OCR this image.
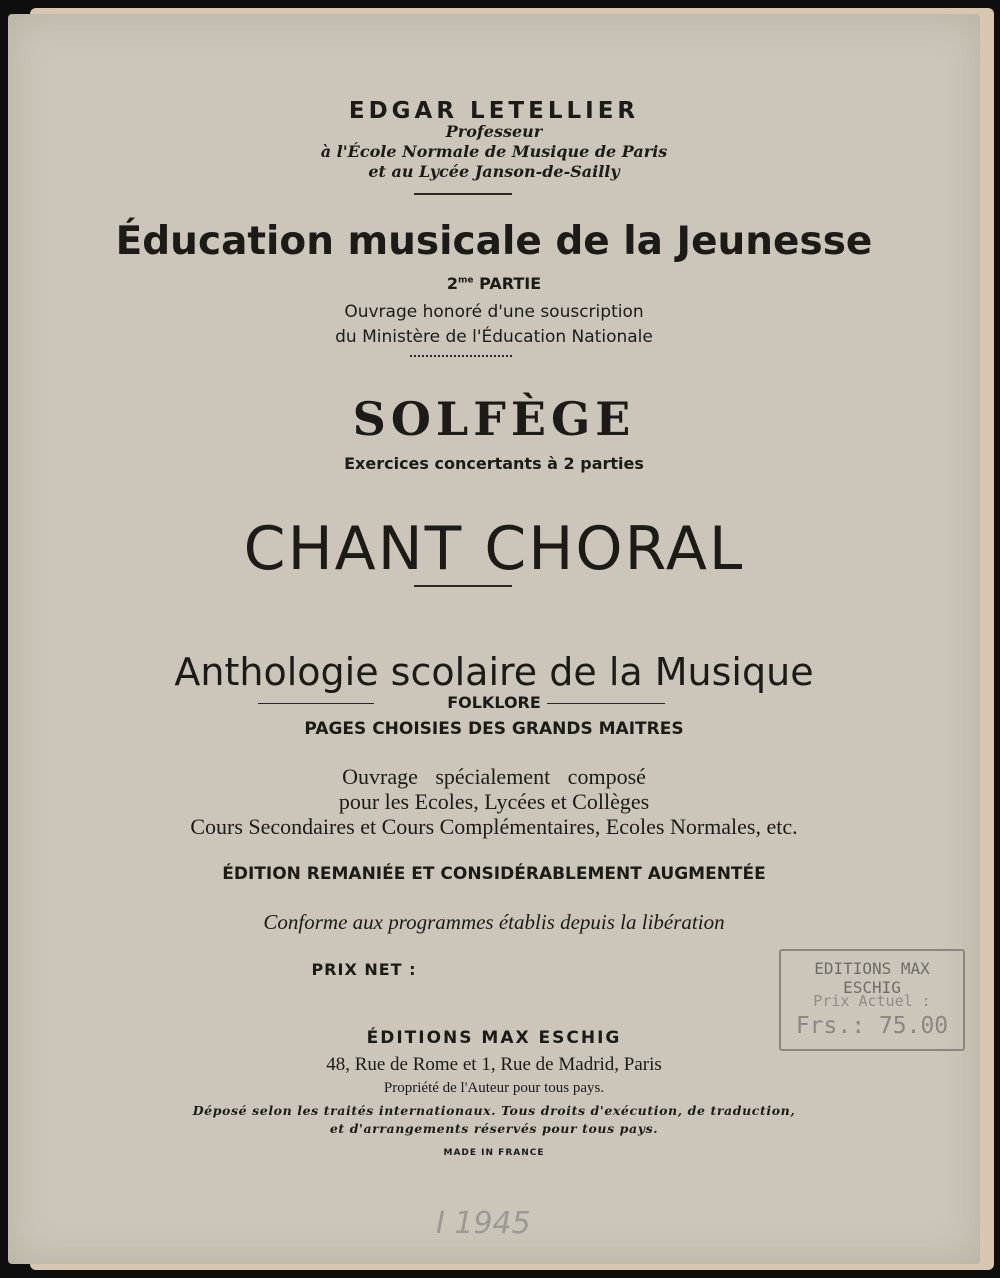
EDGAR LETELLIER

Professeur

à l'École Normale de Musique de Paris

et au Lycée Janson-de-Sailly

Éducation musicale de la Jeunesse

$2^{me}$ PARTIE

Ouvrage honoré d'une souscription

du Ministère de l'Éducation Nationale

SOLFÈGE

Exercices concertants à 2 parties

CHANT CHORAL

Anthologie scolaire de la Musique

FOLKLORE

PAGES CHOISIES DES GRANDS MAITRES

Ouvrage spécialement composé

pour les Ecoles, Lycées et Collèges

Cours Secondaires et Cours Complémentaires, Ecoles Normales, etc.

ÉDITION REMANIÉE ET CONSIDÉRABLEMENT AUGMENTÉE

Conforme aux programmes établis depuis la libération

PRIX NET :

ÉDITIONS MAX ESCHIG

48, Rue de Rome et 1, Rue de Madrid, Paris

Propriété de l'Auteur pour tous pays.

Déposé selon les traités internationaux. Tous droits d'exécution, de traduction,

et d'arrangements réservés pour tous pays.

MADE IN FRANCE

EDITIONS MAX ESCHIG
Prix Actuel :
Frs.: 75.00
I 1945
